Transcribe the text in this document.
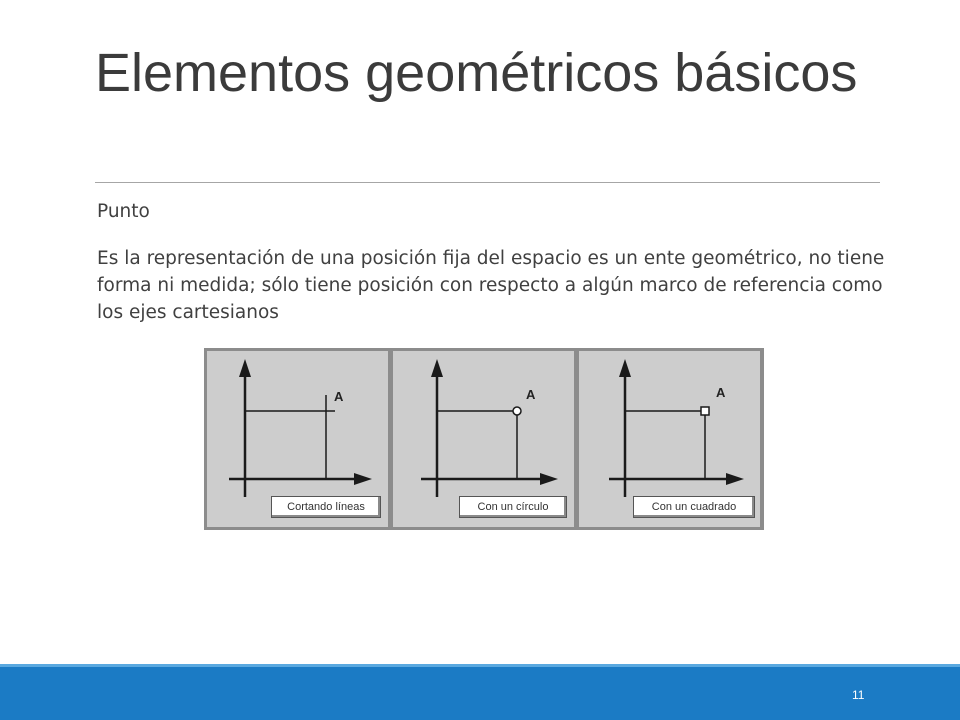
Elementos geométricos básicos
Punto
Es la representación de una posición fija del espacio es un ente geométrico, no tiene forma ni medida; sólo tiene posición con respecto a algún marco de referencia como los ejes cartesianos
A
Cortando líneas
A
Con un círculo
A
Con un cuadrado
11
